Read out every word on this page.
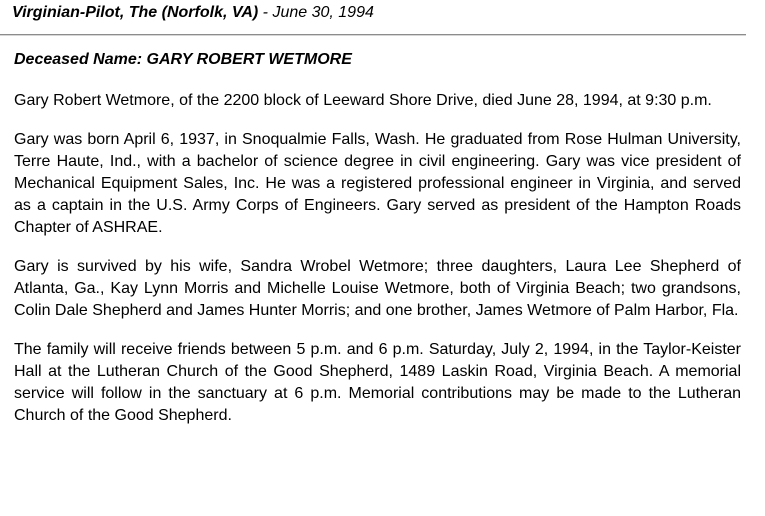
Virginian-Pilot, The (Norfolk, VA) - June 30, 1994
Deceased Name: GARY ROBERT WETMORE

Gary Robert Wetmore, of the 2200 block of Leeward Shore Drive, died June 28, 1994, at 9:30 p.m.

Gary was born April 6, 1937, in Snoqualmie Falls, Wash. He graduated from Rose Hulman University, Terre Haute, Ind., with a bachelor of science degree in civil engineering. Gary was vice president of Mechanical Equipment Sales, Inc. He was a registered professional engineer in Virginia, and served as a captain in the U.S. Army Corps of Engineers. Gary served as president of the Hampton Roads Chapter of ASHRAE.

Gary is survived by his wife, Sandra Wrobel Wetmore; three daughters, Laura Lee Shepherd of Atlanta, Ga., Kay Lynn Morris and Michelle Louise Wetmore, both of Virginia Beach; two grandsons, Colin Dale Shepherd and James Hunter Morris; and one brother, James Wetmore of Palm Harbor, Fla.

The family will receive friends between 5 p.m. and 6 p.m. Saturday, July 2, 1994, in the Taylor-Keister Hall at the Lutheran Church of the Good Shepherd, 1489 Laskin Road, Virginia Beach. A memorial service will follow in the sanctuary at 6 p.m. Memorial contributions may be made to the Lutheran Church of the Good Shepherd.
